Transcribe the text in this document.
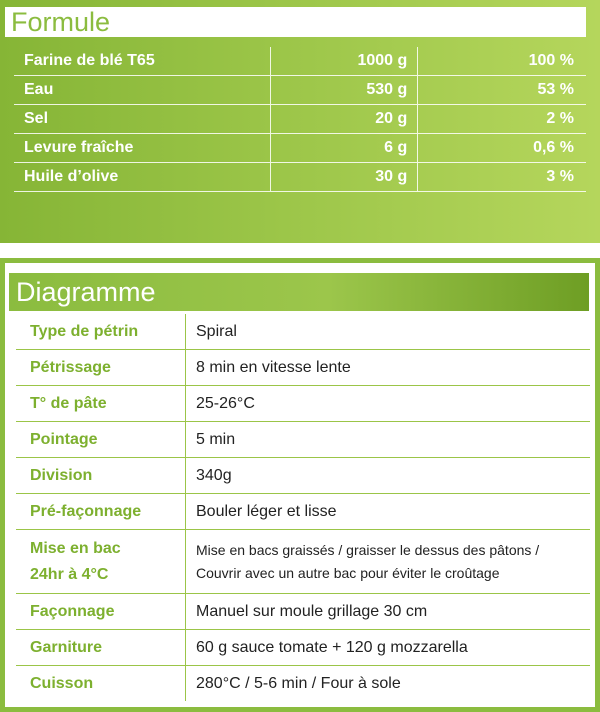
Formule
Farine de blé T65	1000 g	100 %
Eau	530 g	53 %
Sel	20 g	2 %
Levure fraîche	6 g	0,6 %
Huile d’olive	30 g	3 %
Diagramme
Type de pétrin	Spiral
Pétrissage	8 min en vitesse lente
T° de pâte	25-26°C
Pointage	5 min
Division	340g
Pré-façonnage	Bouler léger et lisse

Mise en bac
24hr à 4°C	Mise en bacs graissés / graisser le dessus des pâtons /
Couvrir avec un autre bac pour éviter le croûtage

Façonnage	Manuel sur moule grillage 30 cm
Garniture	60 g sauce tomate + 120 g mozzarella
Cuisson	280°C / 5-6 min / Four à sole
